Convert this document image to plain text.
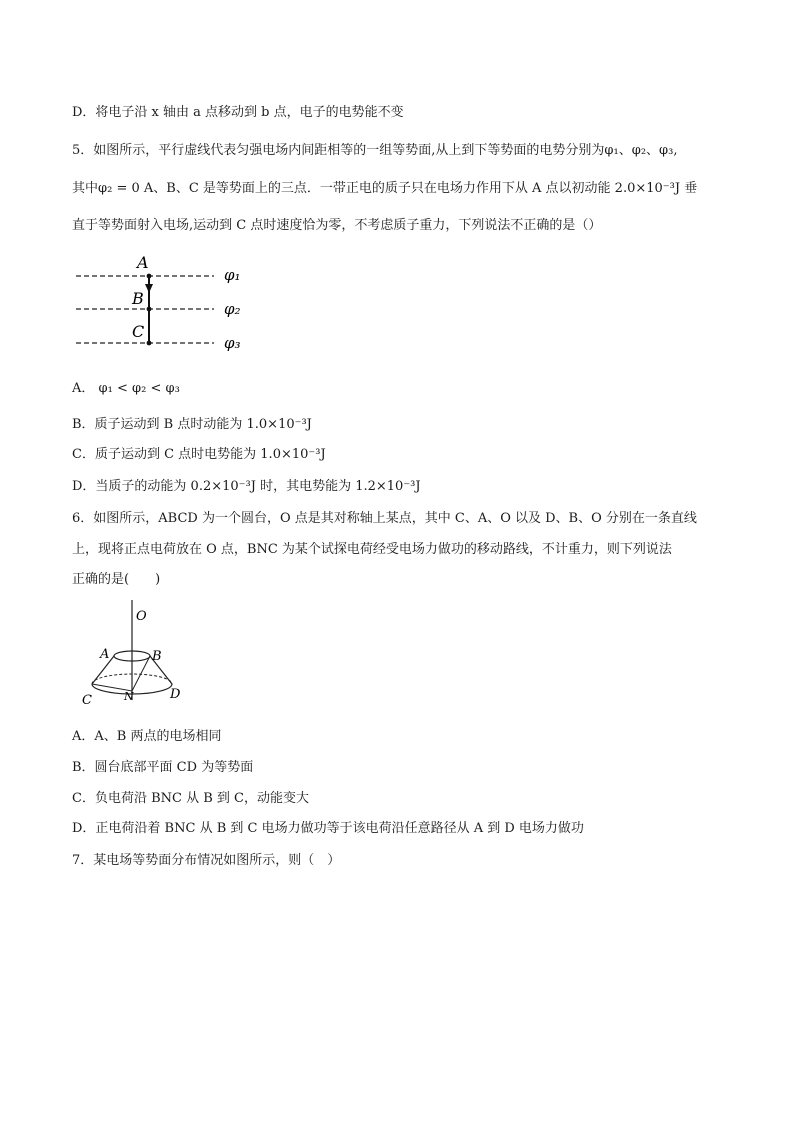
D．将电子沿 x 轴由 a 点移动到 b 点，电子的电势能不变
5．如图所示，平行虚线代表匀强电场内间距相等的一组等势面,从上到下等势面的电势分别为φ₁、φ₂、φ₃,
其中φ₂ = 0 A、B、C 是等势面上的三点．一带正电的质子只在电场力作用下从 A 点以初动能 2.0×10⁻³J 垂
直于等势面射入电场,运动到 C 点时速度恰为零，不考虑质子重力，下列说法不正确的是（）
A
B
C
φ₁
φ₂
φ₃
A． φ₁ < φ₂ < φ₃
B．质子运动到 B 点时动能为 1.0×10⁻³J
C．质子运动到 C 点时电势能为 1.0×10⁻³J
D．当质子的动能为 0.2×10⁻³J 时，其电势能为 1.2×10⁻³J
6．如图所示，ABCD 为一个圆台，O 点是其对称轴上某点，其中 C、A、O 以及 D、B、O 分别在一条直线
上，现将正点电荷放在 O 点，BNC 为某个试探电荷经受电场力做功的移动路线，不计重力，则下列说法
正确的是(　　)
O
A	B
C	D
N
A．A、B 两点的电场相同
B．圆台底部平面 CD 为等势面
C．负电荷沿 BNC 从 B 到 C，动能变大
D．正电荷沿着 BNC 从 B 到 C 电场力做功等于该电荷沿任意路径从 A 到 D 电场力做功
7．某电场等势面分布情况如图所示，则（　）
